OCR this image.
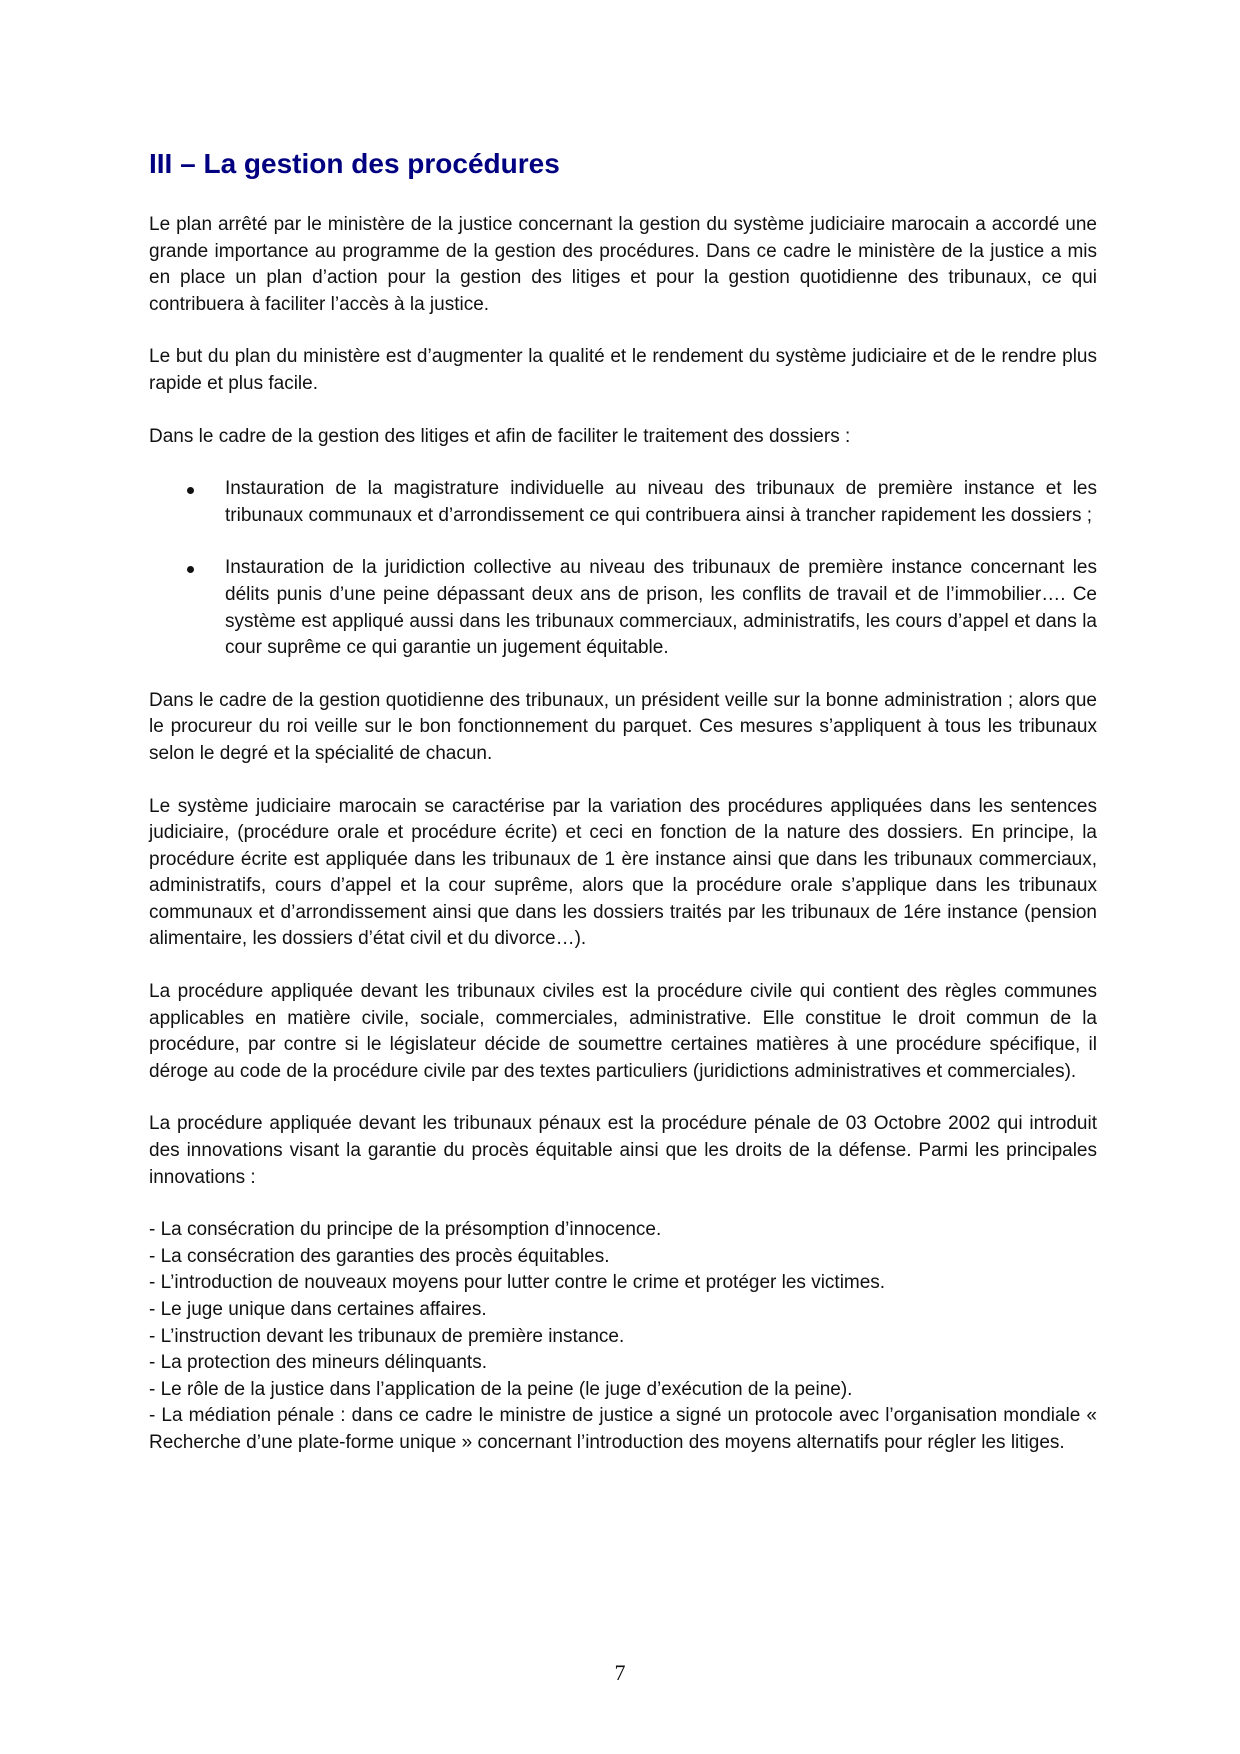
III – La gestion des procédures

Le plan arrêté par le ministère de la justice concernant la gestion du système judiciaire marocain a accordé une grande importance au programme de la gestion des procédures. Dans ce cadre le ministère de la justice a mis en place un plan d’action pour la gestion des litiges et pour la gestion quotidienne des tribunaux, ce qui contribuera à faciliter l’accès à la justice.

Le but du plan du ministère est d’augmenter la qualité et le rendement du système judiciaire et de le rendre plus rapide et plus facile.

Dans le cadre de la gestion des litiges et afin de faciliter le traitement des dossiers :

Instauration de la magistrature individuelle au niveau des tribunaux de première instance et les tribunaux communaux et d’arrondissement ce qui contribuera ainsi à trancher rapidement les dossiers ;
Instauration de la juridiction collective au niveau des tribunaux de première instance concernant les délits punis d’une peine dépassant deux ans de prison, les conflits de travail et de l’immobilier…. Ce système est appliqué aussi dans les tribunaux commerciaux, administratifs, les cours d’appel et dans la cour suprême ce qui garantie un jugement équitable.

Dans le cadre de la gestion quotidienne des tribunaux, un président veille sur la bonne administration ; alors que le procureur du roi veille sur le bon fonctionnement du parquet. Ces mesures s’appliquent à tous les tribunaux selon le degré et la spécialité de chacun.

Le système judiciaire marocain se caractérise par la variation des procédures appliquées dans les sentences judiciaire, (procédure orale et procédure écrite) et ceci en fonction de la nature des dossiers. En principe, la procédure écrite est appliquée dans les tribunaux de 1 ère instance ainsi que dans les tribunaux commerciaux, administratifs, cours d’appel et la cour suprême, alors que la procédure orale s’applique dans les tribunaux communaux et d’arrondissement ainsi que dans les dossiers traités par les tribunaux de 1ére instance (pension alimentaire, les dossiers d’état civil et du divorce…).

La procédure appliquée devant les tribunaux civiles est la procédure civile qui contient des règles communes applicables en matière civile, sociale, commerciales, administrative. Elle constitue le droit commun de la procédure, par contre si le législateur décide de soumettre certaines matières à une procédure spécifique, il déroge au code de la procédure civile par des textes particuliers (juridictions administratives et commerciales).

La procédure appliquée devant les tribunaux pénaux est la procédure pénale de 03 Octobre 2002 qui introduit des innovations visant la garantie du procès équitable ainsi que les droits de la défense. Parmi les principales innovations :

- La consécration du principe de la présomption d’innocence.

- La consécration des garanties des procès équitables.

- L’introduction de nouveaux moyens pour lutter contre le crime et protéger les victimes.

- Le juge unique dans certaines affaires.

- L’instruction devant les tribunaux de première instance.

- La protection des mineurs délinquants.

- Le rôle de la justice dans l’application de la peine (le juge d’exécution de la peine).

- La médiation pénale : dans ce cadre le ministre de justice a signé un protocole avec l’organisation mondiale « Recherche d’une plate-forme unique » concernant l’introduction des moyens alternatifs pour régler les litiges.

7
